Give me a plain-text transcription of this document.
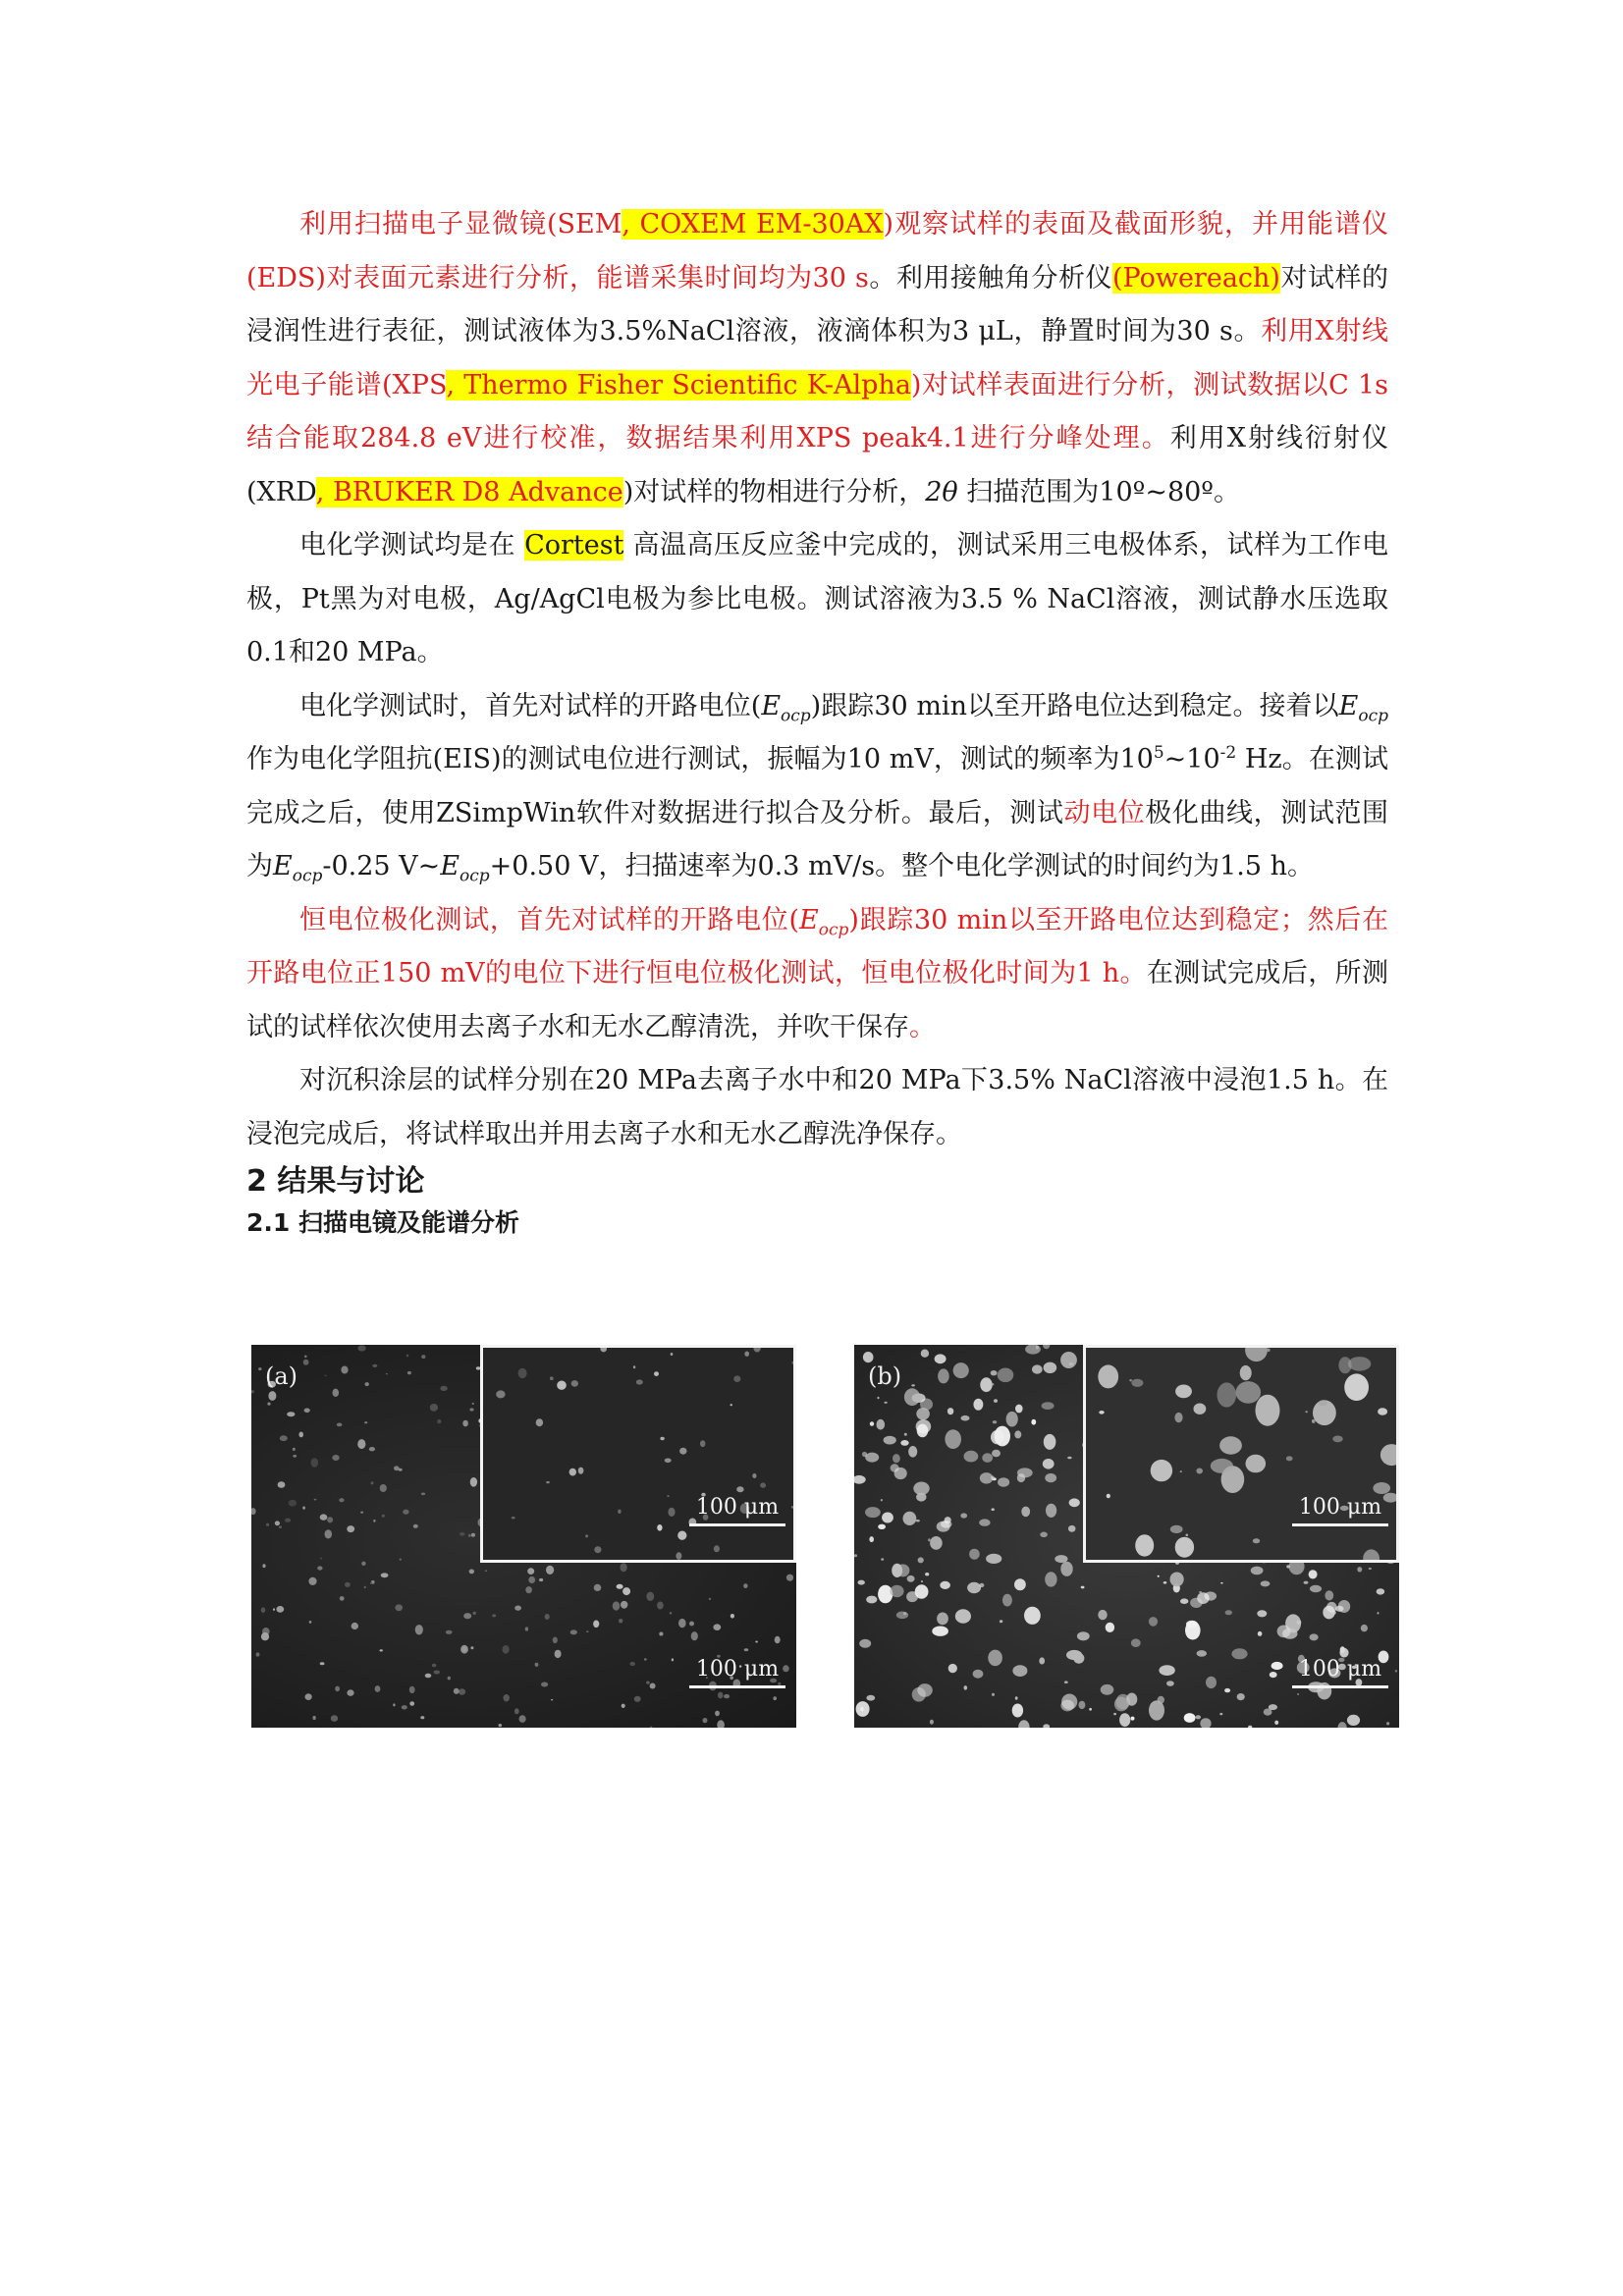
利用扫描电子显微镜(SEM, COXEM EM-30AX)观察试样的表面及截面形貌，并用能谱仪(EDS)对表面元素进行分析，能谱采集时间均为30 s。利用接触角分析仪(Powereach)对试样的浸润性进行表征，测试液体为3.5%NaCl溶液，液滴体积为3 μL，静置时间为30 s。利用X射线光电子能谱(XPS, Thermo Fisher Scientific K-Alpha)对试样表面进行分析，测试数据以C 1s结合能取284.8 eV进行校准，数据结果利用XPS peak4.1进行分峰处理。利用X射线衍射仪(XRD, BRUKER D8 Advance)对试样的物相进行分析，2θ 扫描范围为10º~80º。

电化学测试均是在 Cortest 高温高压反应釜中完成的，测试采用三电极体系，试样为工作电极，Pt黑为对电极，Ag/AgCl电极为参比电极。测试溶液为3.5 % NaCl溶液，测试静水压选取0.1和20 MPa。

电化学测试时，首先对试样的开路电位$(E_{ocp})$跟踪30 min以至开路电位达到稳定。接着以$E_{ocp}$作为电化学阻抗(EIS)的测试电位进行测试，振幅为10 mV，测试的频率为$10^5\sim 10^{-2}$ Hz。在测试完成之后，使用ZSimpWin软件对数据进行拟合及分析。最后，测试动电位极化曲线，测试范围为$E_{ocp}-0.25$ $V\sim E_{ocp}+0.50$ V，扫描速率为0.3 mV/s。整个电化学测试的时间约为1.5 h。

恒电位极化测试，首先对试样的开路电位$(E_{ocp})$跟踪30 min以至开路电位达到稳定；然后在开路电位正150 mV的电位下进行恒电位极化测试，恒电位极化时间为1 h。在测试完成后，所测试的试样依次使用去离子水和无水乙醇清洗，并吹干保存。

对沉积涂层的试样分别在20 MPa去离子水中和20 MPa下3.5% NaCl溶液中浸泡1.5 h。在浸泡完成后，将试样取出并用去离子水和无水乙醇洗净保存。

2 结果与讨论

2.1 扫描电镜及能谱分析

100 μm
(a)
100 μm
100 μm
(b)
100 μm
